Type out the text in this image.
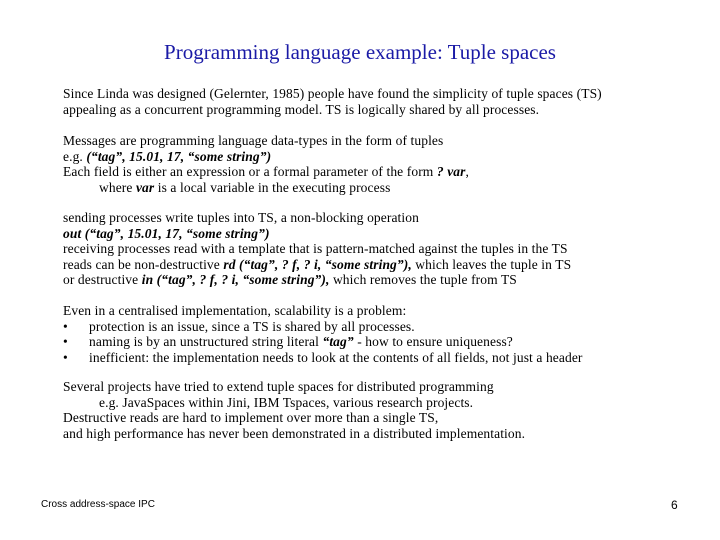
Programming language example: Tuple spaces
Since Linda was designed (Gelernter, 1985) people have found the simplicity of tuple spaces (TS)
appealing as a concurrent programming model. TS is logically shared by all processes.
Messages are programming language data-types in the form of tuples
e.g. (“tag”, 15.01, 17, “some string”)
Each field is either an expression or a formal parameter of the form ? var,
where var is a local variable in the executing process
sending processes write tuples into TS, a non-blocking operation
out (“tag”, 15.01, 17, “some string”)
receiving processes read with a template that is pattern-matched against the tuples in the TS
reads can be non-destructive rd (“tag”, ? f, ? i, “some string”), which leaves the tuple in TS
or destructive in (“tag”, ? f, ? i, “some string”), which removes the tuple from TS
Even in a centralised implementation, scalability is a problem:
• protection is an issue, since a TS is shared by all processes.
• naming is by an unstructured string literal “tag” - how to ensure uniqueness?
• inefficient: the implementation needs to look at the contents of all fields, not just a header
Several projects have tried to extend tuple spaces for distributed programming
e.g. JavaSpaces within Jini, IBM Tspaces, various research projects.
Destructive reads are hard to implement over more than a single TS,
and high performance has never been demonstrated in a distributed implementation.
Cross address-space IPC	6
